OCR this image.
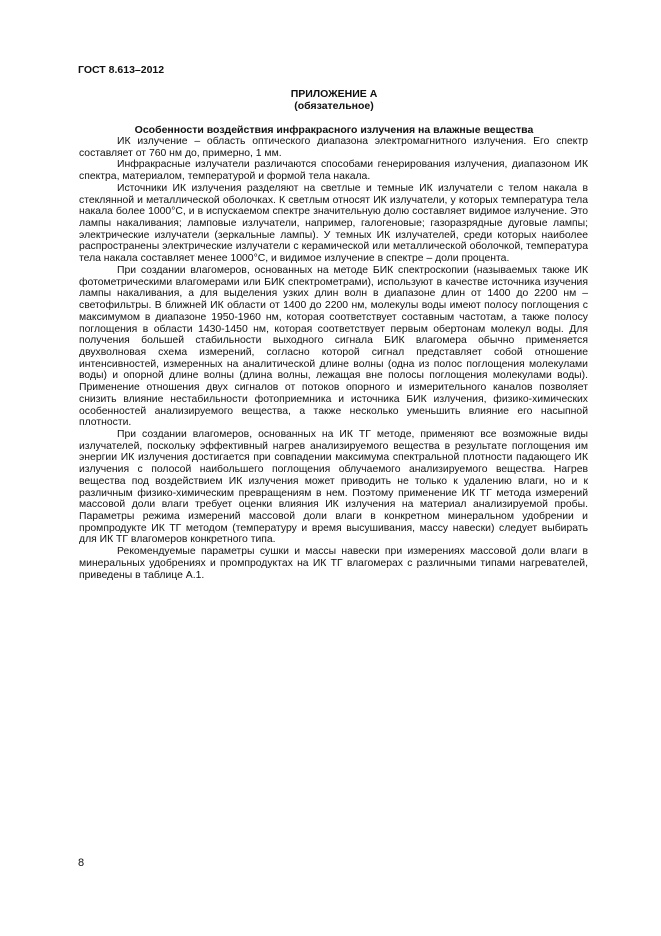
ГОСТ 8.613–2012
ПРИЛОЖЕНИЕ А
(обязательное)
Особенности воздействия инфракрасного излучения на влажные вещества

ИК излучение – область оптического диапазона электромагнитного излучения. Его спектр составляет от 760 нм до, примерно, 1 мм.

Инфракрасные излучатели различаются способами генерирования излучения, диапазоном ИК спектра, материалом, температурой и формой тела накала.

Источники ИК излучения разделяют на светлые и темные ИК излучатели с телом накала в стеклянной и металлической оболочках. К светлым относят ИК излучатели, у которых температура тела накала более 1000°С, и в испускаемом спектре значительную долю составляет видимое излучение. Это лампы накаливания; ламповые излучатели, например, галогеновые; газоразрядные дуговые лампы; электрические излучатели (зеркальные лампы). У темных ИК излучателей, среди которых наиболее распространены электрические излучатели с керамической или металлической оболочкой, температура тела накала составляет менее 1000°С, и видимое излучение в спектре – доли процента.

При создании влагомеров, основанных на методе БИК спектроскопии (называемых также ИК фотометрическими влагомерами или БИК спектрометрами), используют в качестве источника изучения лампы накаливания, а для выделения узких длин волн в диапазоне длин от 1400 до 2200 нм – светофильтры. В ближней ИК области от 1400 до 2200 нм, молекулы воды имеют полосу поглощения с максимумом в диапазоне 1950-1960 нм, которая соответствует составным частотам, а также полосу поглощения в области 1430-1450 нм, которая соответствует первым обертонам молекул воды. Для получения большей стабильности выходного сигнала БИК влагомера обычно применяется двухволновая схема измерений, согласно которой сигнал представляет собой отношение интенсивностей, измеренных на аналитической длине волны (одна из полос поглощения молекулами воды) и опорной длине волны (длина волны, лежащая вне полосы поглощения молекулами воды). Применение отношения двух сигналов от потоков опорного и измерительного каналов позволяет снизить влияние нестабильности фотоприемника и источника БИК излучения, физико-химических особенностей анализируемого вещества, а также несколько уменьшить влияние его насыпной плотности.

При создании влагомеров, основанных на ИК ТГ методе, применяют все возможные виды излучателей, поскольку эффективный нагрев анализируемого вещества в результате поглощения им энергии ИК излучения достигается при совпадении максимума спектральной плотности падающего ИК излучения с полосой наибольшего поглощения облучаемого анализируемого вещества. Нагрев вещества под воздействием ИК излучения может приводить не только к удалению влаги, но и к различным физико-химическим превращениям в нем. Поэтому применение ИК ТГ метода измерений массовой доли влаги требует оценки влияния ИК излучения на материал анализируемой пробы. Параметры режима измерений массовой доли влаги в конкретном минеральном удобрении и промпродукте ИК ТГ методом (температуру и время высушивания, массу навески) следует выбирать для ИК ТГ влагомеров конкретного типа.

Рекомендуемые параметры сушки и массы навески при измерениях массовой доли влаги в минеральных удобрениях и промпродуктах на ИК ТГ влагомерах с различными типами нагревателей, приведены в таблице А.1.

8
